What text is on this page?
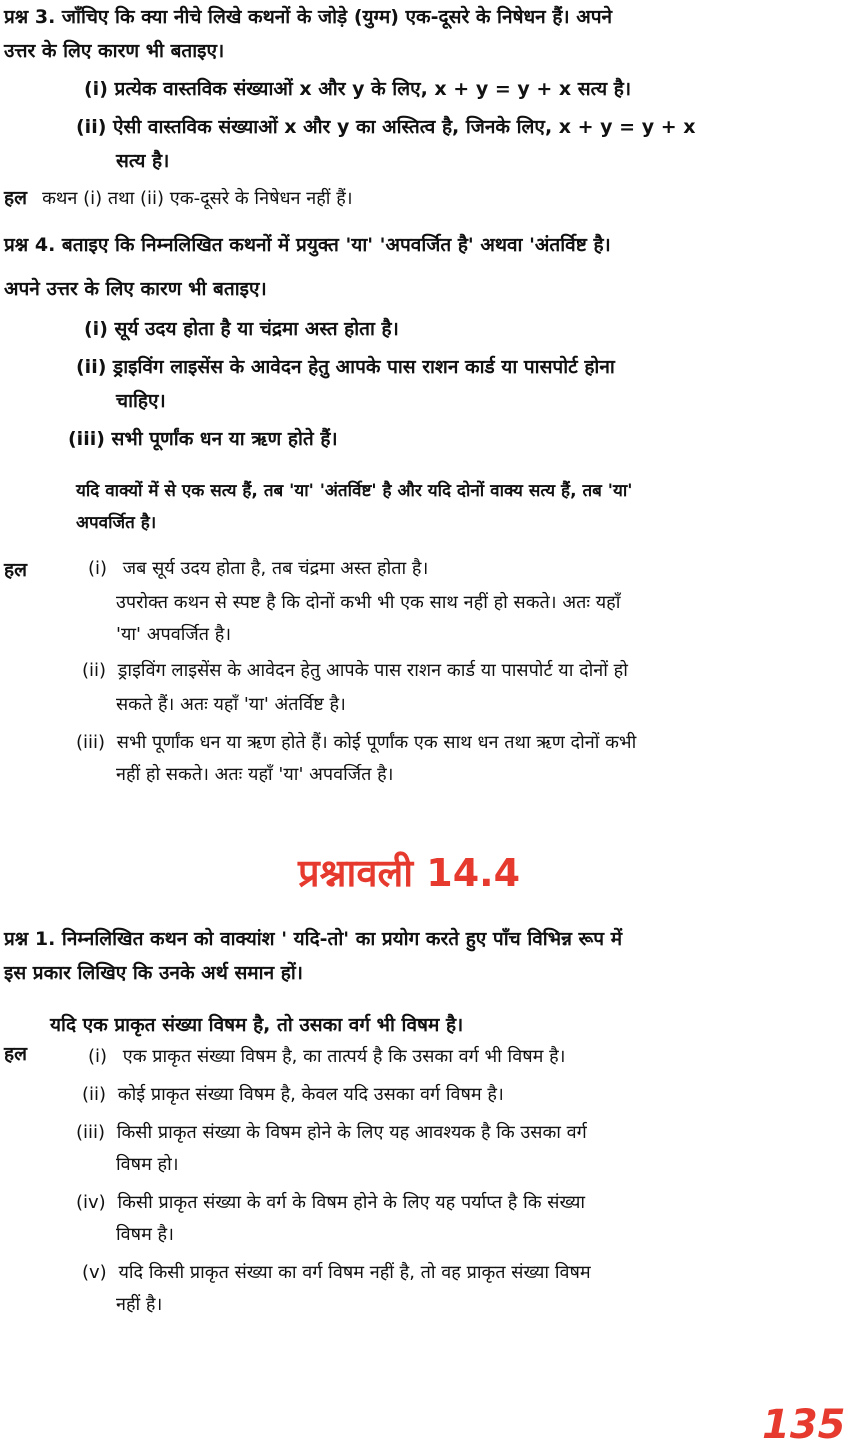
प्रश्न 3. जाँचिए कि क्या नीचे लिखे कथनों के जोड़े (युग्म) एक-दूसरे के निषेधन हैं। अपने
उत्तर के लिए कारण भी बताइए।
(i) प्रत्येक वास्तविक संख्याओं x और y के लिए, x + y = y + x सत्य है।
(ii) ऐसी वास्तविक संख्याओं x और y का अस्तित्व है, जिनके लिए, x + y = y + x
सत्य है।
हल कथन (i) तथा (ii) एक-दूसरे के निषेधन नहीं हैं।
प्रश्न 4. बताइए कि निम्नलिखित कथनों में प्रयुक्त 'या' 'अपवर्जित है' अथवा 'अंतर्विष्ट है।
अपने उत्तर के लिए कारण भी बताइए।
(i) सूर्य उदय होता है या चंद्रमा अस्त होता है।
(ii) ड्राइविंग लाइसेंस के आवेदन हेतु आपके पास राशन कार्ड या पासपोर्ट होना
चाहिए।
(iii) सभी पूर्णांक धन या ऋण होते हैं।
यदि वाक्यों में से एक सत्य हैं, तब 'या' 'अंतर्विष्ट' है और यदि दोनों वाक्य सत्य हैं, तब 'या'
अपवर्जित है।
हल	(i) जब सूर्य उदय होता है, तब चंद्रमा अस्त होता है।
उपरोक्त कथन से स्पष्ट है कि दोनों कभी भी एक साथ नहीं हो सकते। अतः यहाँ
'या' अपवर्जित है।
(ii) ड्राइविंग लाइसेंस के आवेदन हेतु आपके पास राशन कार्ड या पासपोर्ट या दोनों हो
सकते हैं। अतः यहाँ 'या' अंतर्विष्ट है।
(iii) सभी पूर्णांक धन या ऋण होते हैं। कोई पूर्णांक एक साथ धन तथा ऋण दोनों कभी
नहीं हो सकते। अतः यहाँ 'या' अपवर्जित है।
प्रश्नावली 14.4
प्रश्न 1. निम्नलिखित कथन को वाक्यांश ' यदि-तो' का प्रयोग करते हुए पाँच विभिन्न रूप में
इस प्रकार लिखिए कि उनके अर्थ समान हों।
यदि एक प्राकृत संख्या विषम है, तो उसका वर्ग भी विषम है।
हल	(i) एक प्राकृत संख्या विषम है, का तात्पर्य है कि उसका वर्ग भी विषम है।
(ii) कोई प्राकृत संख्या विषम है, केवल यदि उसका वर्ग विषम है।
(iii) किसी प्राकृत संख्या के विषम होने के लिए यह आवश्यक है कि उसका वर्ग
विषम हो।
(iv) किसी प्राकृत संख्या के वर्ग के विषम होने के लिए यह पर्याप्त है कि संख्या
विषम है।
(v) यदि किसी प्राकृत संख्या का वर्ग विषम नहीं है, तो वह प्राकृत संख्या विषम
नहीं है।
135
